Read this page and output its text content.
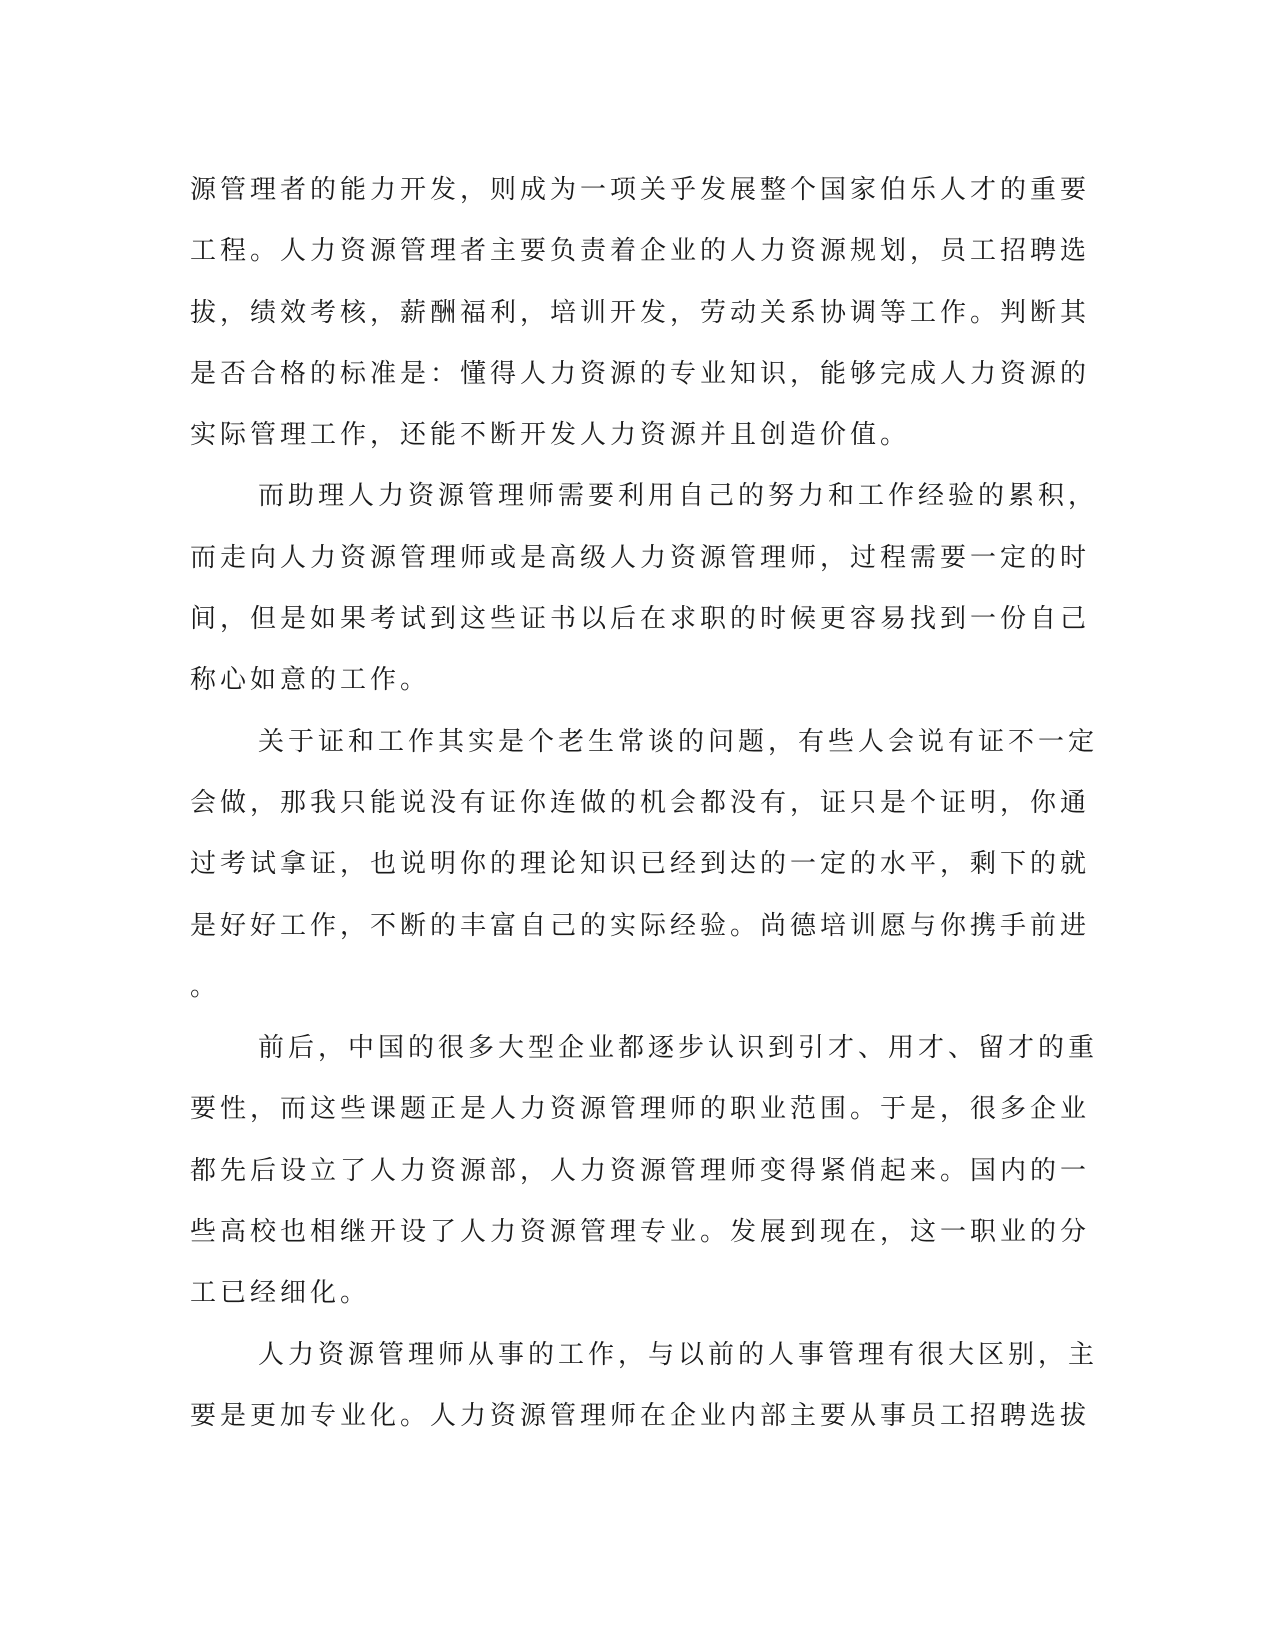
源管理者的能力开发，则成为一项关乎发展整个国家伯乐人才的重要
工程。人力资源管理者主要负责着企业的人力资源规划，员工招聘选
拔，绩效考核，薪酬福利，培训开发，劳动关系协调等工作。判断其
是否合格的标准是：懂得人力资源的专业知识，能够完成人力资源的
实际管理工作，还能不断开发人力资源并且创造价值。
而助理人力资源管理师需要利用自己的努力和工作经验的累积，
而走向人力资源管理师或是高级人力资源管理师，过程需要一定的时
间，但是如果考试到这些证书以后在求职的时候更容易找到一份自己
称心如意的工作。
关于证和工作其实是个老生常谈的问题，有些人会说有证不一定
会做，那我只能说没有证你连做的机会都没有，证只是个证明，你通
过考试拿证，也说明你的理论知识已经到达的一定的水平，剩下的就
是好好工作，不断的丰富自己的实际经验。尚德培训愿与你携手前进
。
前后，中国的很多大型企业都逐步认识到引才、用才、留才的重
要性，而这些课题正是人力资源管理师的职业范围。于是，很多企业
都先后设立了人力资源部，人力资源管理师变得紧俏起来。国内的一
些高校也相继开设了人力资源管理专业。发展到现在，这一职业的分
工已经细化。
人力资源管理师从事的工作，与以前的人事管理有很大区别，主
要是更加专业化。人力资源管理师在企业内部主要从事员工招聘选拔
